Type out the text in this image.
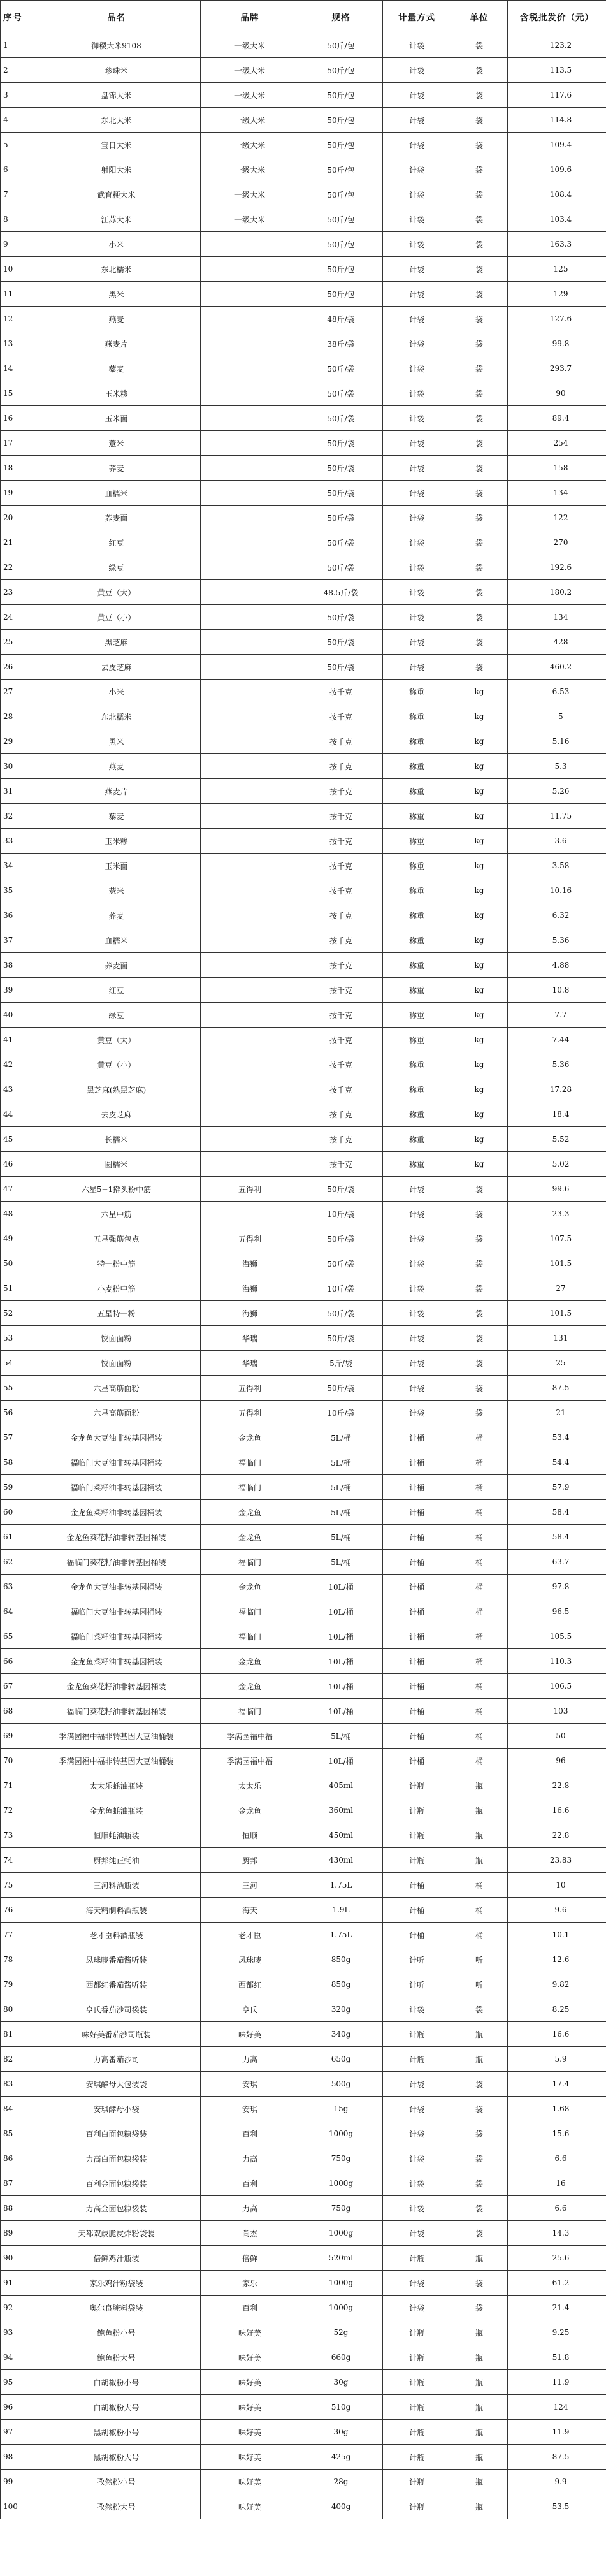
序号	品名	品牌	规格	计量方式	单位	含税批发价（元）
1	御稷大米9108	一级大米	50斤/包	计袋	袋	123.2
2	珍珠米	一级大米	50斤/包	计袋	袋	113.5
3	盘锦大米	一级大米	50斤/包	计袋	袋	117.6
4	东北大米	一级大米	50斤/包	计袋	袋	114.8
5	宝日大米	一级大米	50斤/包	计袋	袋	109.4
6	射阳大米	一级大米	50斤/包	计袋	袋	109.6
7	武育粳大米	一级大米	50斤/包	计袋	袋	108.4
8	江苏大米	一级大米	50斤/包	计袋	袋	103.4
9	小米		50斤/包	计袋	袋	163.3
10	东北糯米		50斤/包	计袋	袋	125
11	黑米		50斤/包	计袋	袋	129
12	燕麦		48斤/袋	计袋	袋	127.6
13	燕麦片		38斤/袋	计袋	袋	99.8
14	藜麦		50斤/袋	计袋	袋	293.7
15	玉米糁		50斤/袋	计袋	袋	90
16	玉米面		50斤/袋	计袋	袋	89.4
17	薏米		50斤/袋	计袋	袋	254
18	荞麦		50斤/袋	计袋	袋	158
19	血糯米		50斤/袋	计袋	袋	134
20	荞麦面		50斤/袋	计袋	袋	122
21	红豆		50斤/袋	计袋	袋	270
22	绿豆		50斤/袋	计袋	袋	192.6
23	黄豆（大）		48.5斤/袋	计袋	袋	180.2
24	黄豆（小）		50斤/袋	计袋	袋	134
25	黑芝麻		50斤/袋	计袋	袋	428
26	去皮芝麻		50斤/袋	计袋	袋	460.2
27	小米		按千克	称重	kg	6.53
28	东北糯米		按千克	称重	kg	5
29	黑米		按千克	称重	kg	5.16
30	燕麦		按千克	称重	kg	5.3
31	燕麦片		按千克	称重	kg	5.26
32	藜麦		按千克	称重	kg	11.75
33	玉米糁		按千克	称重	kg	3.6
34	玉米面		按千克	称重	kg	3.58
35	薏米		按千克	称重	kg	10.16
36	荞麦		按千克	称重	kg	6.32
37	血糯米		按千克	称重	kg	5.36
38	荞麦面		按千克	称重	kg	4.88
39	红豆		按千克	称重	kg	10.8
40	绿豆		按千克	称重	kg	7.7
41	黄豆（大）		按千克	称重	kg	7.44
42	黄豆（小）		按千克	称重	kg	5.36
43	黑芝麻(熟黑芝麻)		按千克	称重	kg	17.28
44	去皮芝麻		按千克	称重	kg	18.4
45	长糯米		按千克	称重	kg	5.52
46	圆糯米		按千克	称重	kg	5.02
47	六星5+1擀头粉中筋	五得利	50斤/袋	计袋	袋	99.6
48	六星中筋		10斤/袋	计袋	袋	23.3
49	五星强筋包点	五得利	50斤/袋	计袋	袋	107.5
50	特一粉中筋	海狮	50斤/袋	计袋	袋	101.5
51	小麦粉中筋	海狮	10斤/袋	计袋	袋	27
52	五星特一粉	海狮	50斤/袋	计袋	袋	101.5
53	饺面面粉	华瑞	50斤/袋	计袋	袋	131
54	饺面面粉	华瑞	5斤/袋	计袋	袋	25
55	六星高筋面粉	五得利	50斤/袋	计袋	袋	87.5
56	六星高筋面粉	五得利	10斤/袋	计袋	袋	21
57	金龙鱼大豆油非转基因桶装	金龙鱼	5L/桶	计桶	桶	53.4
58	福临门大豆油非转基因桶装	福临门	5L/桶	计桶	桶	54.4
59	福临门菜籽油非转基因桶装	福临门	5L/桶	计桶	桶	57.9
60	金龙鱼菜籽油非转基因桶装	金龙鱼	5L/桶	计桶	桶	58.4
61	金龙鱼葵花籽油非转基因桶装	金龙鱼	5L/桶	计桶	桶	58.4
62	福临门葵花籽油非转基因桶装	福临门	5L/桶	计桶	桶	63.7
63	金龙鱼大豆油非转基因桶装	金龙鱼	10L/桶	计桶	桶	97.8
64	福临门大豆油非转基因桶装	福临门	10L/桶	计桶	桶	96.5
65	福临门菜籽油非转基因桶装	福临门	10L/桶	计桶	桶	105.5
66	金龙鱼菜籽油非转基因桶装	金龙鱼	10L/桶	计桶	桶	110.3
67	金龙鱼葵花籽油非转基因桶装	金龙鱼	10L/桶	计桶	桶	106.5
68	福临门葵花籽油非转基因桶装	福临门	10L/桶	计桶	桶	103
69	季满园福中福非转基因大豆油桶装	季满园福中福	5L/桶	计桶	桶	50
70	季满园福中福非转基因大豆油桶装	季满园福中福	10L/桶	计桶	桶	96
71	太太乐蚝油瓶装	太太乐	405ml	计瓶	瓶	22.8
72	金龙鱼蚝油瓶装	金龙鱼	360ml	计瓶	瓶	16.6
73	恒顺蚝油瓶装	恒顺	450ml	计瓶	瓶	22.8
74	厨邦纯正蚝油	厨邦	430ml	计瓶	瓶	23.83
75	三河料酒瓶装	三河	1.75L	计桶	桶	10
76	海天精制料酒瓶装	海天	1.9L	计桶	桶	9.6
77	老才臣料酒瓶装	老才臣	1.75L	计桶	桶	10.1
78	凤球唛番茄酱听装	凤球唛	850g	计听	听	12.6
79	西都红番茄酱听装	西都红	850g	计听	听	9.82
80	亨氏番茄沙司袋装	亨氏	320g	计袋	袋	8.25
81	味好美番茄沙司瓶装	味好美	340g	计瓶	瓶	16.6
82	力高番茄沙司	力高	650g	计瓶	瓶	5.9
83	安琪酵母大包装袋	安琪	500g	计袋	袋	17.4
84	安琪酵母小袋	安琪	15g	计袋	袋	1.68
85	百利白面包糠袋装	百利	1000g	计袋	袋	15.6
86	力高白面包糠袋装	力高	750g	计袋	袋	6.6
87	百利金面包糠袋装	百利	1000g	计袋	袋	16
88	力高金面包糠袋装	力高	750g	计袋	袋	6.6
89	天都双歧脆皮炸粉袋装	尚杰	1000g	计袋	袋	14.3
90	倍鲜鸡汁瓶装	倍鲜	520ml	计瓶	瓶	25.6
91	家乐鸡汁粉袋装	家乐	1000g	计袋	袋	61.2
92	奥尔良腌料袋装	百利	1000g	计袋	袋	21.4
93	鲍鱼粉小号	味好美	52g	计瓶	瓶	9.25
94	鲍鱼粉大号	味好美	660g	计瓶	瓶	51.8
95	白胡椒粉小号	味好美	30g	计瓶	瓶	11.9
96	白胡椒粉大号	味好美	510g	计瓶	瓶	124
97	黑胡椒粉小号	味好美	30g	计瓶	瓶	11.9
98	黑胡椒粉大号	味好美	425g	计瓶	瓶	87.5
99	孜然粉小号	味好美	28g	计瓶	瓶	9.9
100	孜然粉大号	味好美	400g	计瓶	瓶	53.5
